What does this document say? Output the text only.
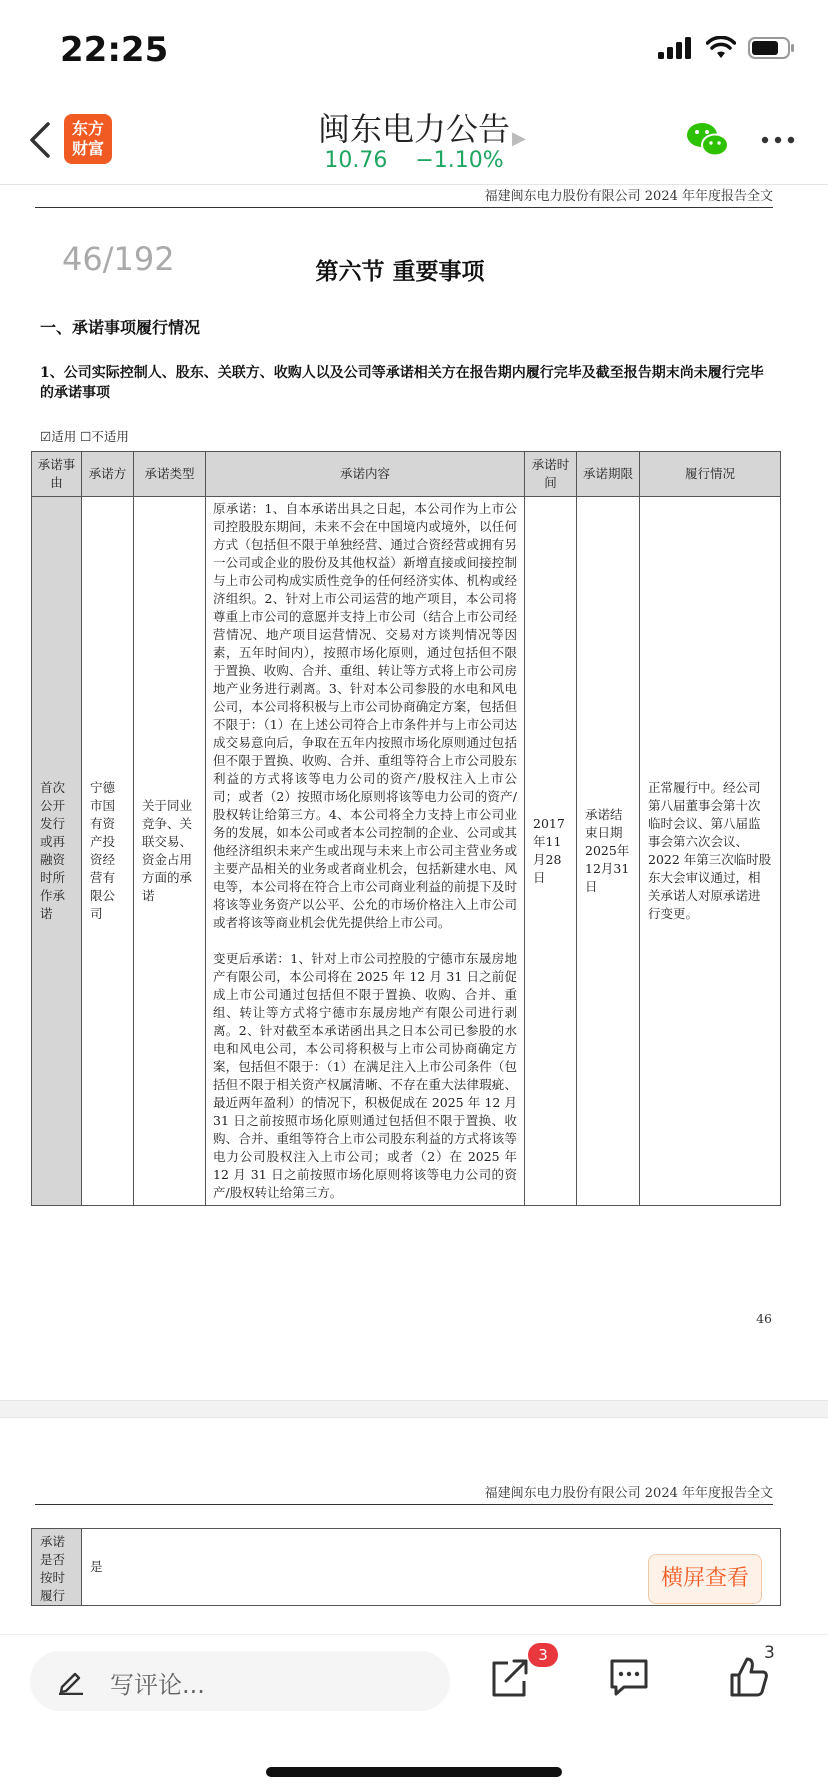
22:25
东方
财富
闽东电力公告
10.76 −1.10%
▶
福建闽东电力股份有限公司 2024 年年度报告全文
46/192	第六节 重要事项
一、承诺事项履行情况
1、公司实际控制人、股东、关联方、收购人以及公司等承诺相关方在报告期内履行完毕及截至报告期末尚未履行完毕的承诺事项
☑适用 ☐不适用
承诺事由	承诺方	承诺类型	承诺内容	承诺时间	承诺期限	履行情况
首次公开发行或再融资时所作承诺	宁德市国有资产投资经营有限公司	关于同业竞争、关联交易、资金占用方面的承诺	原承诺：1、自本承诺出具之日起，本公司作为上市公司控股股东期间，未来不会在中国境内或境外，以任何方式（包括但不限于单独经营、通过合资经营或拥有另一公司或企业的股份及其他权益）新增直接或间接控制与上市公司构成实质性竞争的任何经济实体、机构或经济组织。2、针对上市公司运营的地产项目，本公司将尊重上市公司的意愿并支持上市公司（结合上市公司经营情况、地产项目运营情况、交易对方谈判情况等因素，五年时间内），按照市场化原则，通过包括但不限于置换、收购、合并、重组、转让等方式将上市公司房地产业务进行剥离。3、针对本公司参股的水电和风电公司，本公司将积极与上市公司协商确定方案，包括但不限于：（1）在上述公司符合上市条件并与上市公司达成交易意向后，争取在五年内按照市场化原则通过包括但不限于置换、收购、合并、重组等符合上市公司股东利益的方式将该等电力公司的资产/股权注入上市公司；或者（2）按照市场化原则将该等电力公司的资产/股权转让给第三方。4、本公司将全力支持上市公司业务的发展，如本公司或者本公司控制的企业、公司或其他经济组织未来产生或出现与未来上市公司主营业务或主要产品相关的业务或者商业机会，包括新建水电、风电等，本公司将在符合上市公司商业利益的前提下及时将该等业务资产以公平、公允的市场价格注入上市公司或者将该等商业机会优先提供给上市公司。

变更后承诺：1、针对上市公司控股的宁德市东晟房地产有限公司，本公司将在 2025 年 12 月 31 日之前促成上市公司通过包括但不限于置换、收购、合并、重组、转让等方式将宁德市东晟房地产有限公司进行剥离。2、针对截至本承诺函出具之日本公司已参股的水电和风电公司，本公司将积极与上市公司协商确定方案，包括但不限于：（1）在满足注入上市公司条件（包括但不限于相关资产权属清晰、不存在重大法律瑕疵、最近两年盈利）的情况下，积极促成在 2025 年 12 月 31 日之前按照市场化原则通过包括但不限于置换、收购、合并、重组等符合上市公司股东利益的方式将该等电力公司股权注入上市公司；或者（2）在 2025 年 12 月 31 日之前按照市场化原则将该等电力公司的资产/股权转让给第三方。	2017年11月28日	承诺结束日期 2025年12月31日	正常履行中。经公司第八届董事会第十次临时会议、第八届监事会第六次会议、2022 年第三次临时股东大会审议通过，相关承诺人对原承诺进行变更。
46
福建闽东电力股份有限公司 2024 年年度报告全文
承诺是否按时履行
是	横屏查看
写评论...
3	3
